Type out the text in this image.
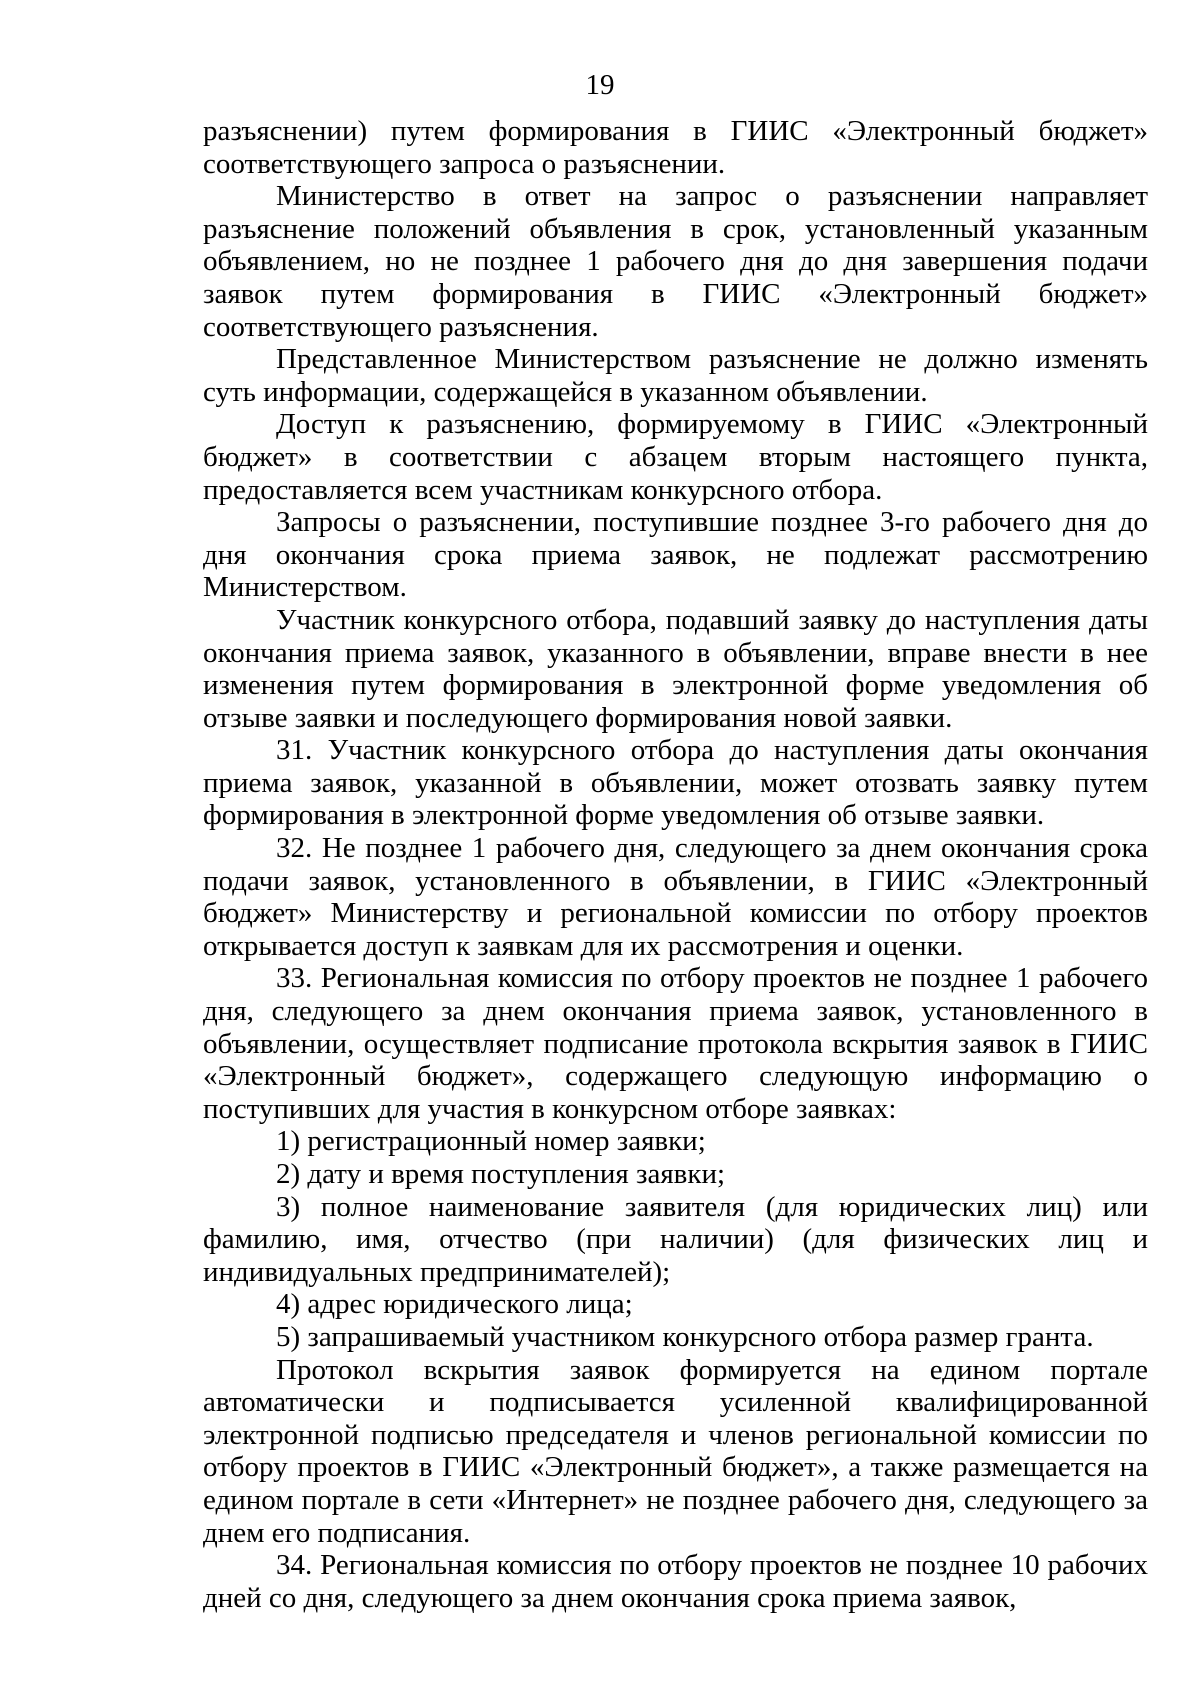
19

разъяснении) путем формирования в ГИИС «Электронный бюджет» соответствующего запроса о разъяснении.

Министерство в ответ на запрос о разъяснении направляет разъяснение положений объявления в срок, установленный указанным объявлением, но не позднее 1 рабочего дня до дня завершения подачи заявок путем формирования в ГИИС «Электронный бюджет» соответствующего разъяснения.

Представленное Министерством разъяснение не должно изменять суть информации, содержащейся в указанном объявлении.

Доступ к разъяснению, формируемому в ГИИС «Электронный бюджет» в соответствии с абзацем вторым настоящего пункта, предоставляется всем участникам конкурсного отбора.

Запросы о разъяснении, поступившие позднее 3-го рабочего дня до дня окончания срока приема заявок, не подлежат рассмотрению Министерством.

Участник конкурсного отбора, подавший заявку до наступления даты окончания приема заявок, указанного в объявлении, вправе внести в нее изменения путем формирования в электронной форме уведомления об отзыве заявки и последующего формирования новой заявки.

31. Участник конкурсного отбора до наступления даты окончания приема заявок, указанной в объявлении, может отозвать заявку путем формирования в электронной форме уведомления об отзыве заявки.

32. Не позднее 1 рабочего дня, следующего за днем окончания срока подачи заявок, установленного в объявлении, в ГИИС «Электронный бюджет» Министерству и региональной комиссии по отбору проектов открывается доступ к заявкам для их рассмотрения и оценки.

33. Региональная комиссия по отбору проектов не позднее 1 рабочего дня, следующего за днем окончания приема заявок, установленного в объявлении, осуществляет подписание протокола вскрытия заявок в ГИИС «Электронный бюджет», содержащего следующую информацию о поступивших для участия в конкурсном отборе заявках:

1) регистрационный номер заявки;

2) дату и время поступления заявки;

3) полное наименование заявителя (для юридических лиц) или фамилию, имя, отчество (при наличии) (для физических лиц и индивидуальных предпринимателей);

4) адрес юридического лица;

5) запрашиваемый участником конкурсного отбора размер гранта.

Протокол вскрытия заявок формируется на едином портале автоматически и подписывается усиленной квалифицированной электронной подписью председателя и членов региональной комиссии по отбору проектов в ГИИС «Электронный бюджет», а также размещается на едином портале в сети «Интернет» не позднее рабочего дня, следующего за днем его подписания.

34. Региональная комиссия по отбору проектов не позднее 10 рабочих дней со дня, следующего за днем окончания срока приема заявок,
